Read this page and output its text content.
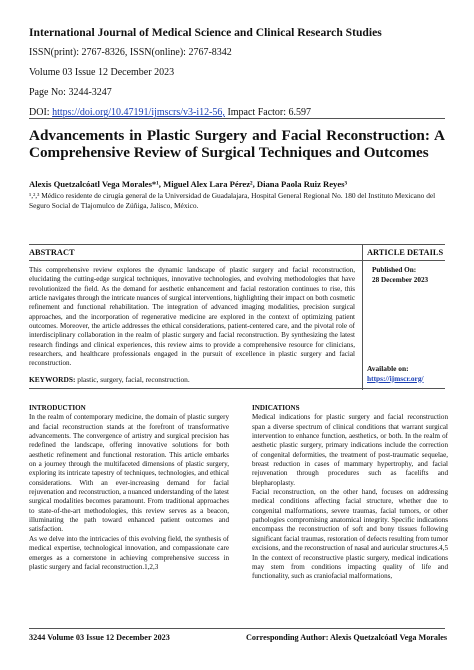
International Journal of Medical Science and Clinical Research Studies

ISSN(print): 2767-8326, ISSN(online): 2767-8342

Volume 03 Issue 12 December 2023

Page No: 3244-3247

DOI: https://doi.org/10.47191/ijmscrs/v3-i12-56, Impact Factor: 6.597

Advancements in Plastic Surgery and Facial Reconstruction: A
Comprehensive Review of Surgical Techniques and Outcomes
Alexis Quetzalcóatl Vega Morales*¹, Miguel Alex Lara Pérez², Diana Paola Ruiz Reyes³
¹,²,³ Médico residente de cirugía general de la Universidad de Guadalajara, Hospital General Regional No. 180 del Instituto Mexicano del Seguro Social de Tlajomulco de Zúñiga, Jalisco, México.
ABSTRACT	ARTICLE DETAILS
This comprehensive review explores the dynamic landscape of plastic surgery and facial reconstruction, elucidating the cutting-edge surgical techniques, innovative technologies, and evolving methodologies that have revolutionized the field. As the demand for aesthetic enhancement and facial restoration continues to rise, this article navigates through the intricate nuances of surgical interventions, highlighting their impact on both cosmetic refinement and functional rehabilitation. The integration of advanced imaging modalities, precision surgical approaches, and the incorporation of regenerative medicine are explored in the context of optimizing patient outcomes. Moreover, the article addresses the ethical considerations, patient-centered care, and the pivotal role of interdisciplinary collaboration in the realm of plastic surgery and facial reconstruction. By synthesizing the latest research findings and clinical experiences, this review aims to provide a comprehensive resource for clinicians, researchers, and healthcare professionals engaged in the pursuit of excellence in plastic surgery and facial reconstruction.
Published On:
28 December 2023
Available on:
https://ijmscr.org/
KEYWORDS: plastic, surgery, facial, reconstruction.

INTRODUCTION

In the realm of contemporary medicine, the domain of plastic surgery and facial reconstruction stands at the forefront of transformative advancements. The convergence of artistry and surgical precision has redefined the landscape, offering innovative solutions for both aesthetic refinement and functional restoration. This article embarks on a journey through the multifaceted dimensions of plastic surgery, exploring its intricate tapestry of techniques, technologies, and ethical considerations. With an ever-increasing demand for facial rejuvenation and reconstruction, a nuanced understanding of the latest surgical modalities becomes paramount. From traditional approaches to state-of-the-art methodologies, this review serves as a beacon, illuminating the path toward enhanced patient outcomes and satisfaction.

As we delve into the intricacies of this evolving field, the synthesis of medical expertise, technological innovation, and compassionate care emerges as a cornerstone in achieving comprehensive success in plastic surgery and facial reconstruction.1,2,3

INDICATIONS

Medical indications for plastic surgery and facial reconstruction span a diverse spectrum of clinical conditions that warrant surgical intervention to enhance function, aesthetics, or both. In the realm of aesthetic plastic surgery, primary indications include the correction of congenital deformities, the treatment of post-traumatic sequelae, breast reduction in cases of mammary hypertrophy, and facial rejuvenation through procedures such as facelifts and blepharoplasty.

Facial reconstruction, on the other hand, focuses on addressing medical conditions affecting facial structure, whether due to congenital malformations, severe traumas, facial tumors, or other pathologies compromising anatomical integrity. Specific indications encompass the reconstruction of soft and bony tissues following significant facial traumas, restoration of defects resulting from tumor excisions, and the reconstruction of nasal and auricular structures.4,5

In the context of reconstructive plastic surgery, medical indications may stem from conditions impacting quality of life and functionality, such as craniofacial malformations,

3244 Volume 03 Issue 12 December 2023	Corresponding Author: Alexis Quetzalcóatl Vega Morales
